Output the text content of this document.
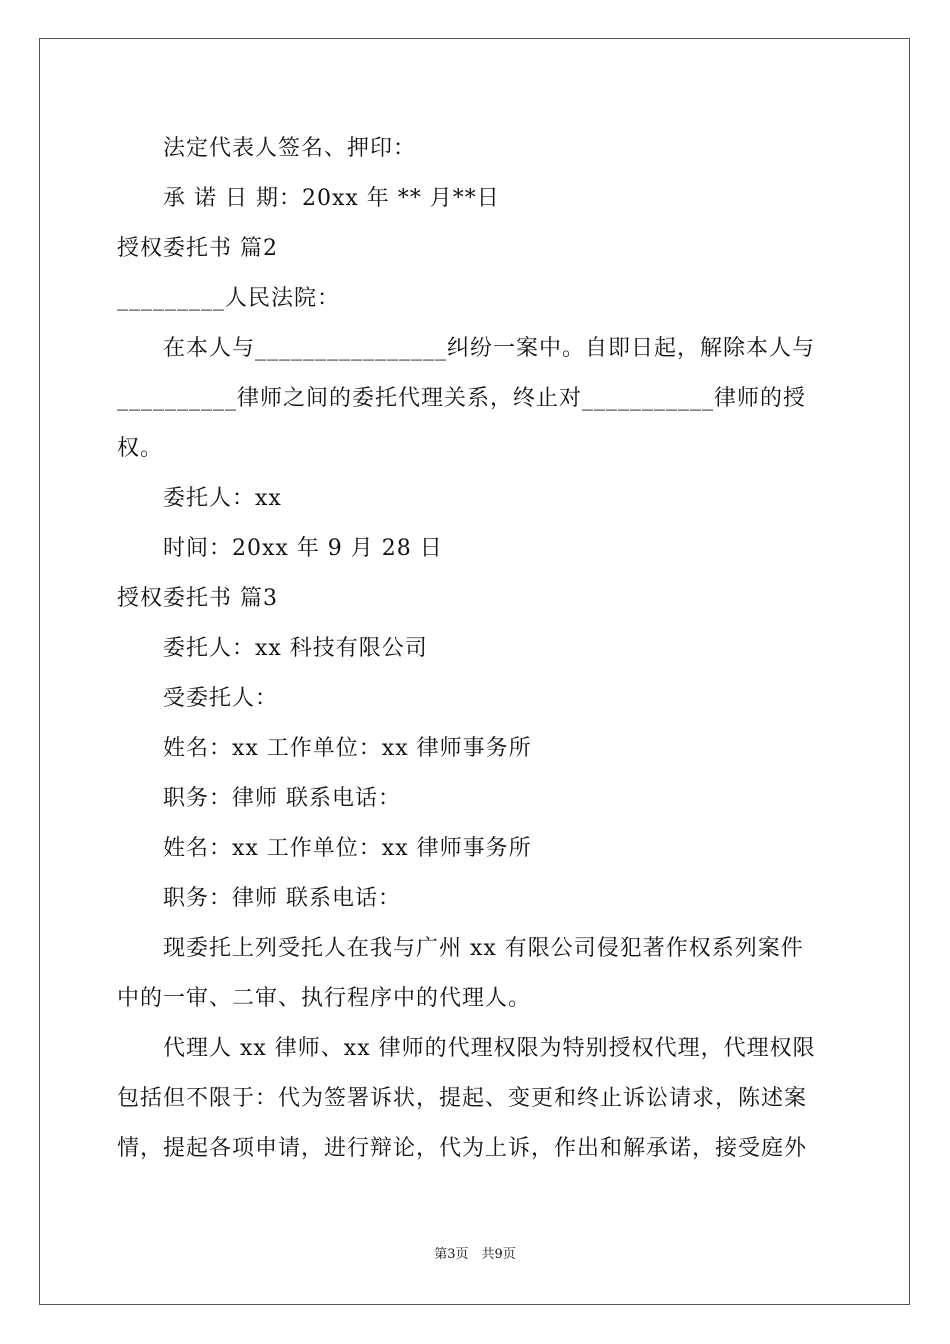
法定代表人签名、押印：
承 诺 日 期：20xx 年 ** 月**日
授权委托书 篇2
_________人民法院：
在本人与________________纠纷一案中。自即日起，解除本人与
__________律师之间的委托代理关系，终止对___________律师的授
权。
委托人：xx
时间：20xx 年 9 月 28 日
授权委托书 篇3
委托人：xx 科技有限公司
受委托人：
姓名：xx 工作单位：xx 律师事务所
职务：律师 联系电话：
姓名：xx 工作单位：xx 律师事务所
职务：律师 联系电话：
现委托上列受托人在我与广州 xx 有限公司侵犯著作权系列案件
中的一审、二审、执行程序中的代理人。
代理人 xx 律师、xx 律师的代理权限为特别授权代理，代理权限
包括但不限于：代为签署诉状，提起、变更和终止诉讼请求，陈述案
情，提起各项申请，进行辩论，代为上诉，作出和解承诺，接受庭外
第3页　共9页
